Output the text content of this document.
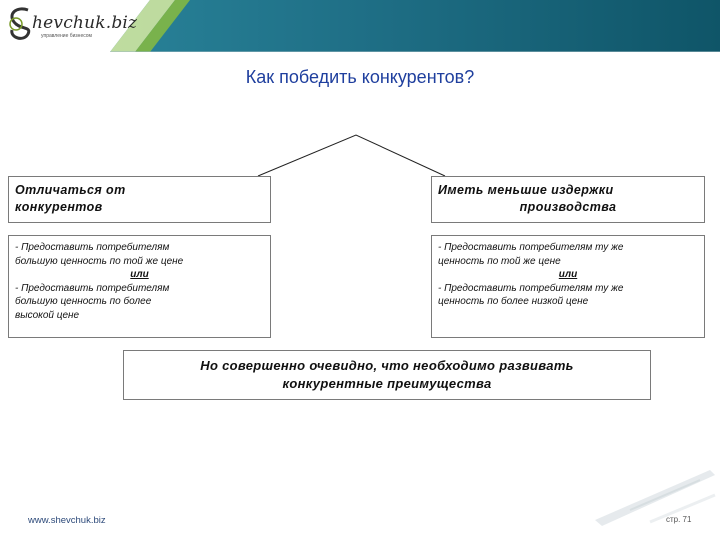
hevchuk.biz
управление бизнесом
Как победить конкурентов?
Отличаться от
конкурентов
Иметь меньшие издержки
производства
- Предоставить потребителям
большую ценность по той же цене
или
- Предоставить потребителям
большую ценность по более
высокой цене
- Предоставить потребителям ту же
ценность по той же цене
или
- Предоставить потребителям ту же
ценность по более низкой цене
Но совершенно очевидно, что необходимо развивать
конкурентные преимущества
www.shevchuk.biz	стр. 71
